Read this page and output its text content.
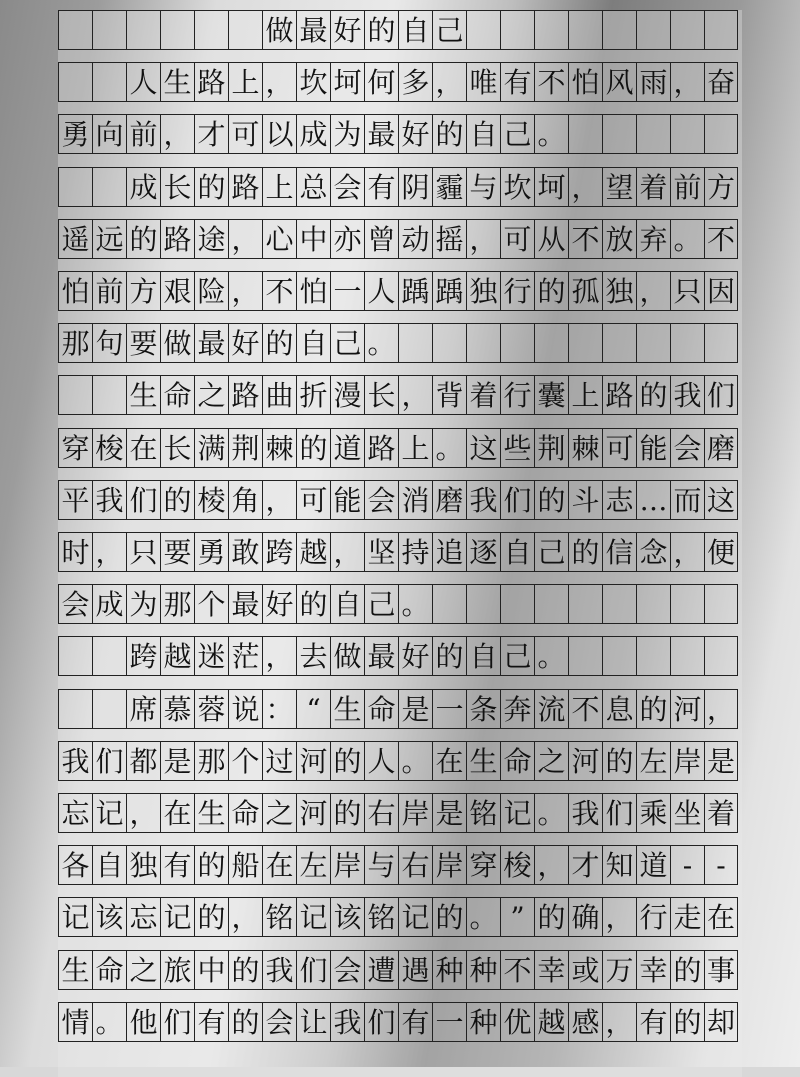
做 最 好 的 自 己
人 生 路 上 ， 坎 坷 何 多 ， 唯 有 不 怕 风 雨 ， 奋
勇 向 前 ， 才 可 以 成 为 最 好 的 自 己 。
成 长 的 路 上 总 会 有 阴 霾 与 坎 坷 ， 望 着 前 方
遥 远 的 路 途 ， 心 中 亦 曾 动 摇 ， 可 从 不 放 弃 。 不
怕 前 方 艰 险 ， 不 怕 一 人 踽 踽 独 行 的 孤 独 ， 只 因
那 句 要 做 最 好 的 自 己 。
生 命 之 路 曲 折 漫 长 ， 背 着 行 囊 上 路 的 我 们
穿 梭 在 长 满 荆 棘 的 道 路 上 。 这 些 荆 棘 可 能 会 磨
平 我 们 的 棱 角 ， 可 能 会 消 磨 我 们 的 斗 志 … 而 这
时 ， 只 要 勇 敢 跨 越 ， 坚 持 追 逐 自 己 的 信 念 ， 便
会 成 为 那 个 最 好 的 自 己 。
跨 越 迷 茫 ， 去 做 最 好 的 自 己 。
席 慕 蓉 说 ： “ 生 命 是 一 条 奔 流 不 息 的 河 ，
我 们 都 是 那 个 过 河 的 人 。 在 生 命 之 河 的 左 岸 是
忘 记 ， 在 生 命 之 河 的 右 岸 是 铭 记 。 我 们 乘 坐 着
各 自 独 有 的 船 在 左 岸 与 右 岸 穿 梭 ， 才 知 道 - -
记 该 忘 记 的 ， 铭 记 该 铭 记 的 。 ” 的 确 ， 行 走 在
生 命 之 旅 中 的 我 们 会 遭 遇 种 种 不 幸 或 万 幸 的 事
情 。 他 们 有 的 会 让 我 们 有 一 种 优 越 感 ， 有 的 却
